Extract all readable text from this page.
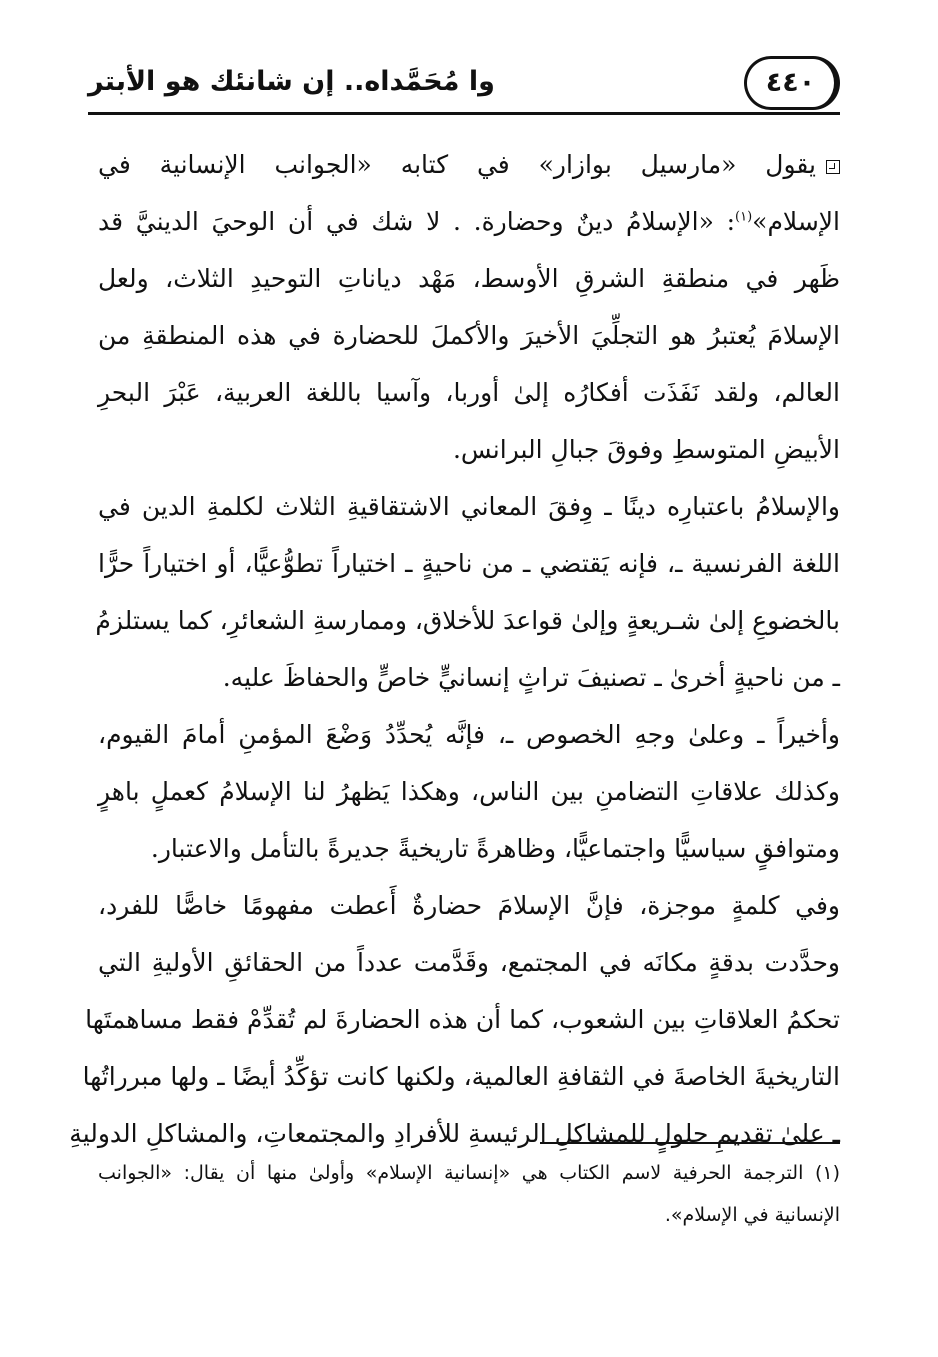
وا مُحَمَّداه.. إن شانئك هو الأبتر	٤٤٠
يقول «مارسيل بوازار» في كتابه «الجوانب الإنسانية في
الإسلام»$^{(١)}$: «الإسلامُ دينٌ وحضارة. . لا شك في أن الوحيَ الدينيَّ قد
ظَهر في منطقةِ الشرقِ الأوسط، مَهْد دياناتِ التوحيدِ الثلاث، ولعل
الإسلامَ يُعتبرُ هو التجلِّيَ الأخيرَ والأكملَ للحضارة في هذه المنطقةِ من
العالم، ولقد نَفَذَت أفكارُه إلىٰ أوربا، وآسيا باللغة العربية، عَبْرَ البحرِ
الأبيضِ المتوسطِ وفوقَ جبالِ البرانس.
والإسلامُ باعتبارِه دينًا ـ وِفقَ المعاني الاشتقاقيةِ الثلاث لكلمةِ الدين في
اللغة الفرنسية ـ، فإنه يَقتضي ـ من ناحيةٍ ـ اختياراً تطوُّعيًّا، أو اختياراً حرًّا
بالخضوعِ إلىٰ شـريعةٍ وإلىٰ قواعدَ للأخلاق، وممارسةِ الشعائرِ، كما يستلزمُ
ـ من ناحيةٍ أخرىٰ ـ تصنيفَ تراثٍ إنسانيٍّ خاصٍّ والحفاظَ عليه.
وأخيراً ـ وعلىٰ وجهِ الخصوص ـ، فإنَّه يُحدِّدُ وَضْعَ المؤمنِ أمامَ القيوم،
وكذلك علاقاتِ التضامنِ بين الناس، وهكذا يَظهرُ لنا الإسلامُ كعملٍ باهرٍ
ومتوافقٍ سياسيًّا واجتماعيًّا، وظاهرةً تاريخيةً جديرةً بالتأمل والاعتبار.
وفي كلمةٍ موجزة، فإنَّ الإسلامَ حضارةٌ أَعطت مفهومًا خاصًّا للفرد،
وحدَّدت بدقةٍ مكانَه في المجتمع، وقَدَّمت عدداً من الحقائقِ الأوليةِ التي
تحكمُ العلاقاتِ بين الشعوب، كما أن هذه الحضارةَ لم تُقدِّمْ فقط مساهمتَها
التاريخيةَ الخاصةَ في الثقافةِ العالمية، ولكنها كانت تؤكِّدُ أيضًا ـ ولها مبرراتُها
ـ علىٰ تقديمِ حلولٍ للمشاكلِ الرئيسةِ للأفرادِ والمجتمعاتِ، والمشاكلِ الدوليةِ
(١) الترجمة الحرفية لاسم الكتاب هي «إنسانية الإسلام» وأولىٰ منها أن يقال: «الجوانب
الإنسانية في الإسلام».
